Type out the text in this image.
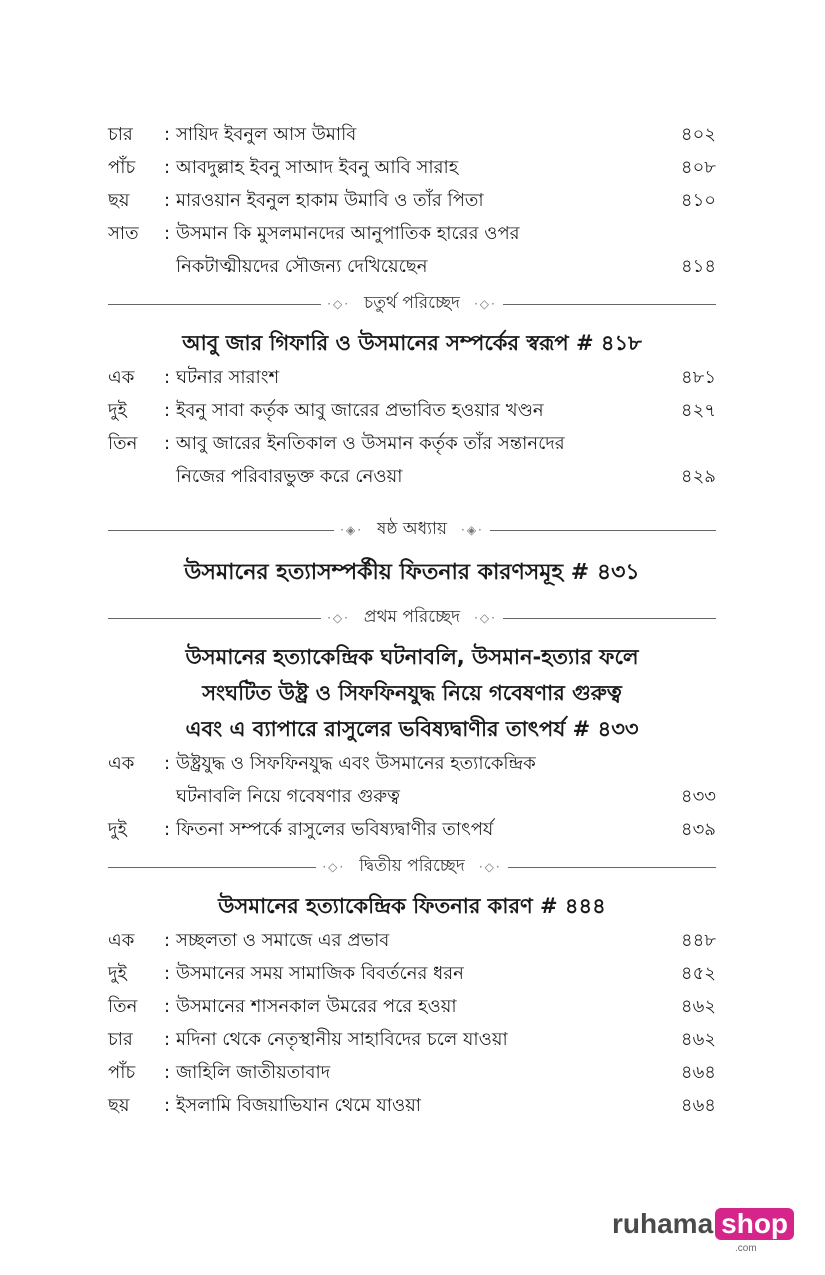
চার	: সায়িদ ইবনুল আস উমাবি	৪০২
পাঁচ	: আবদুল্লাহ ইবনু সাআদ ইবনু আবি সারাহ	৪০৮
ছয়	: মারওয়ান ইবনুল হাকাম উমাবি ও তাঁর পিতা	৪১০
সাত	: উসমান কি মুসলমানদের আনুপাতিক হারের ওপর
নিকটাত্মীয়দের সৌজন্য দেখিয়েছেন	৪১৪
·◇· চতুর্থ পরিচ্ছেদ	·◇·
আবু জার গিফারি ও উসমানের সম্পর্কের স্বরূপ # ৪১৮
এক	: ঘটনার সারাংশ	৪৮১
দুই	: ইবনু সাবা কর্তৃক আবু জারের প্রভাবিত হওয়ার খণ্ডন	৪২৭
তিন	: আবু জারের ইনতিকাল ও উসমান কর্তৃক তাঁর সন্তানদের
নিজের পরিবারভুক্ত করে নেওয়া	৪২৯
·◈· ষষ্ঠ অধ্যায়	·◈·
উসমানের হত্যাসম্পর্কীয় ফিতনার কারণসমূহ # ৪৩১
·◇· প্রথম পরিচ্ছেদ	·◇·
উসমানের হত্যাকেন্দ্রিক ঘটনাবলি, উসমান-হত্যার ফলে
সংঘটিত উষ্ট্র ও সিফফিনযুদ্ধ নিয়ে গবেষণার গুরুত্ব
এবং এ ব্যাপারে রাসুলের ভবিষ্যদ্বাণীর তাৎপর্য # ৪৩৩
এক	: উষ্ট্রযুদ্ধ ও সিফফিনযুদ্ধ এবং উসমানের হত্যাকেন্দ্রিক
ঘটনাবলি নিয়ে গবেষণার গুরুত্ব	৪৩৩
দুই	: ফিতনা সম্পর্কে রাসুলের ভবিষ্যদ্বাণীর তাৎপর্য	৪৩৯
·◇· দ্বিতীয় পরিচ্ছেদ	·◇·
উসমানের হত্যাকেন্দ্রিক ফিতনার কারণ # ৪৪৪
এক	: সচ্ছলতা ও সমাজে এর প্রভাব	৪৪৮
দুই	: উসমানের সময় সামাজিক বিবর্তনের ধরন	৪৫২
তিন	: উসমানের শাসনকাল উমরের পরে হওয়া	৪৬২
চার	: মদিনা থেকে নেতৃস্থানীয় সাহাবিদের চলে যাওয়া	৪৬২
পাঁচ	: জাহিলি জাতীয়তাবাদ	৪৬৪
ছয়	: ইসলামি বিজয়াভিযান থেমে যাওয়া	৪৬৪
ruhama shop
.com
